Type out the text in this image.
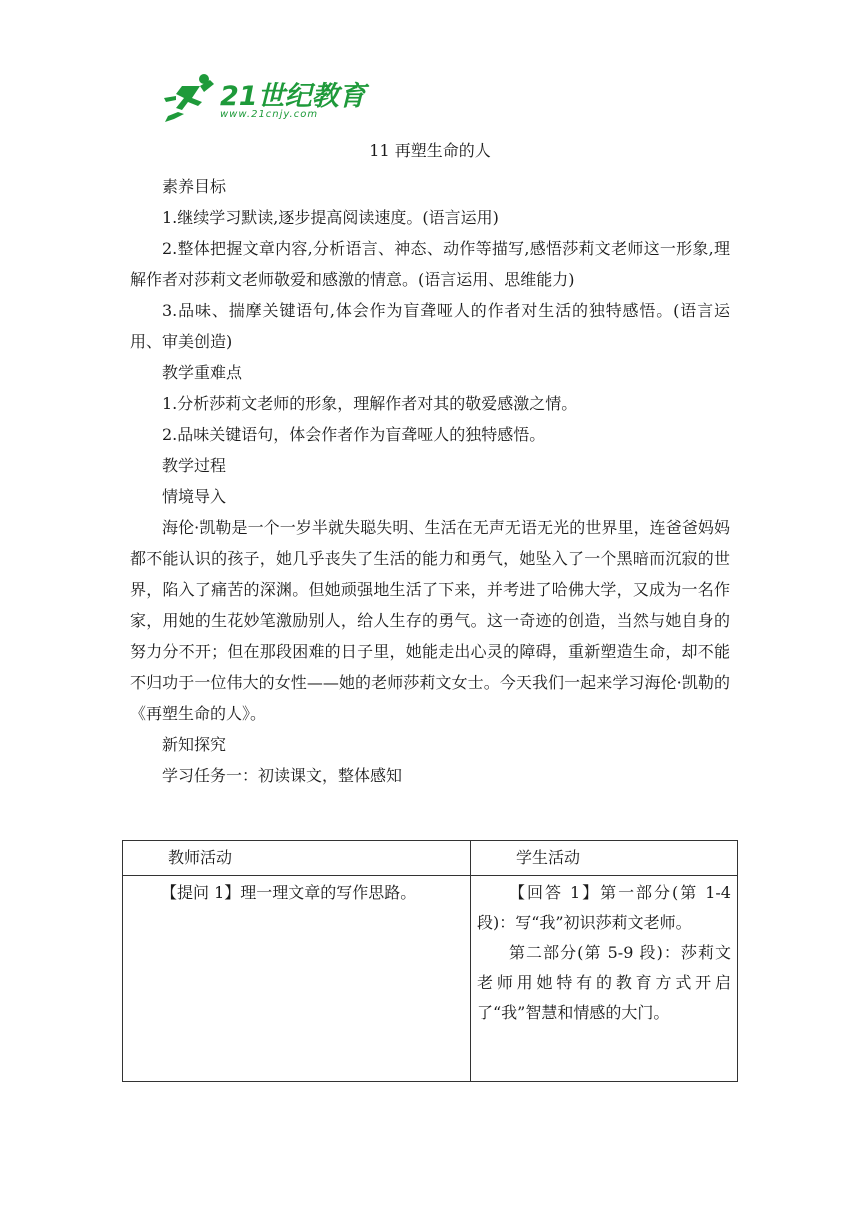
21世纪教育
www.21cnjy.com
11 再塑生命的人

素养目标

1.继续学习默读,逐步提高阅读速度。(语言运用)

2.整体把握文章内容,分析语言、神态、动作等描写,感悟莎莉文老师这一形象,理解作者对莎莉文老师敬爱和感激的情意。(语言运用、思维能力)

3.品味、揣摩关键语句,体会作为盲聋哑人的作者对生活的独特感悟。(语言运用、审美创造)

教学重难点

1.分析莎莉文老师的形象，理解作者对其的敬爱感激之情。

2.品味关键语句，体会作者作为盲聋哑人的独特感悟。

教学过程

情境导入

海伦·凯勒是一个一岁半就失聪失明、生活在无声无语无光的世界里，连爸爸妈妈都不能认识的孩子，她几乎丧失了生活的能力和勇气，她坠入了一个黑暗而沉寂的世界，陷入了痛苦的深渊。但她顽强地生活了下来，并考进了哈佛大学，又成为一名作家，用她的生花妙笔激励别人，给人生存的勇气。这一奇迹的创造，当然与她自身的努力分不开；但在那段困难的日子里，她能走出心灵的障碍，重新塑造生命，却不能不归功于一位伟大的女性——她的老师莎莉文女士。今天我们一起来学习海伦·凯勒的《再塑生命的人》。

新知探究

学习任务一：初读课文，整体感知

教师活动	学生活动

【提问 1】理一理文章的写作思路。	【回答 1】第一部分(第 1-4 段)：写“我”初识莎莉文老师。

第二部分(第 5-9 段)：莎莉文老师用她特有的教育方式开启了“我”智慧和情感的大门。
